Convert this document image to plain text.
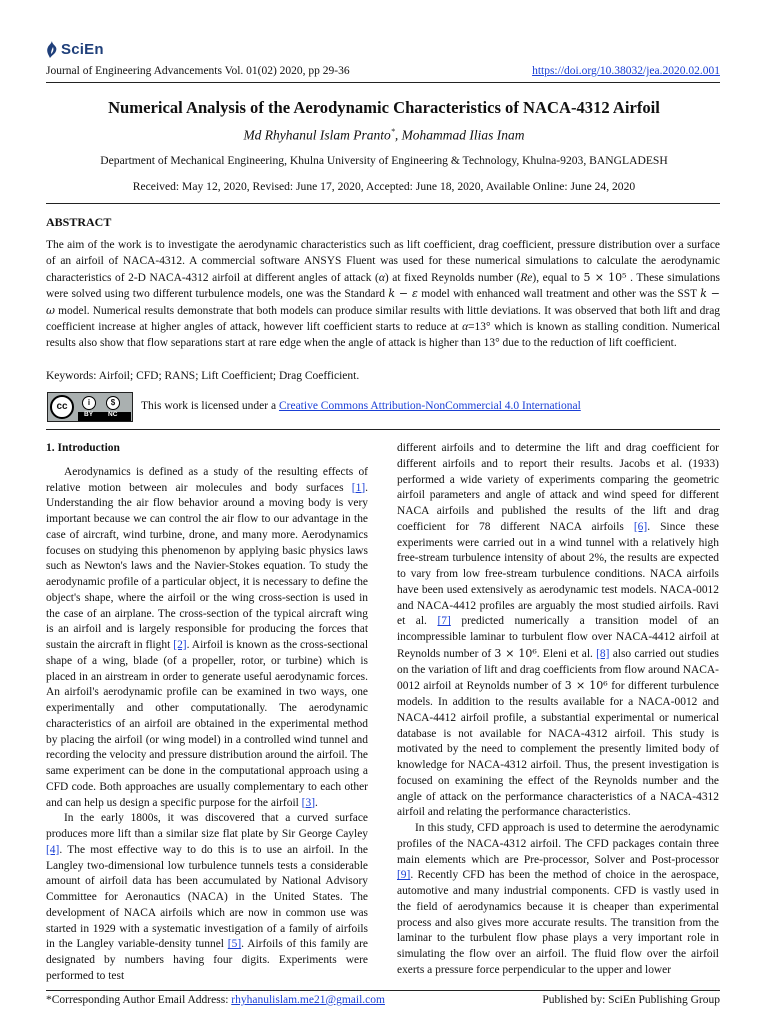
SciEn
Journal of Engineering Advancements Vol. 01(02) 2020, pp 29-36	https://doi.org/10.38032/jea.2020.02.001
Numerical Analysis of the Aerodynamic Characteristics of NACA-4312 Airfoil
Md Rhyhanul Islam Pranto*, Mohammad Ilias Inam
Department of Mechanical Engineering, Khulna University of Engineering & Technology, Khulna-9203, BANGLADESH
Received: May 12, 2020, Revised: June 17, 2020, Accepted: June 18, 2020, Available Online: June 24, 2020
ABSTRACT
The aim of the work is to investigate the aerodynamic characteristics such as lift coefficient, drag coefficient, pressure distribution over a surface of an airfoil of NACA-4312. A commercial software ANSYS Fluent was used for these numerical simulations to calculate the aerodynamic characteristics of 2-D NACA-4312 airfoil at different angles of attack (α) at fixed Reynolds number (Re), equal to 5 × 10⁵ . These simulations were solved using two different turbulence models, one was the Standard k − ε model with enhanced wall treatment and other was the SST k − ω model. Numerical results demonstrate that both models can produce similar results with little deviations. It was observed that both lift and drag coefficient increase at higher angles of attack, however lift coefficient starts to reduce at α=13° which is known as stalling condition. Numerical results also show that flow separations start at rare edge when the angle of attack is higher than 13° due to the reduction of lift coefficient.
Keywords: Airfoil; CFD; RANS; Lift Coefficient; Drag Coefficient.
cc	i	$
BY NC
This work is licensed under a Creative Commons Attribution-NonCommercial 4.0 International

1. Introduction

Aerodynamics is defined as a study of the resulting effects of relative motion between air molecules and body surfaces [1]. Understanding the air flow behavior around a moving body is very important because we can control the air flow to our advantage in the case of aircraft, wind turbine, drone, and many more. Aerodynamics focuses on studying this phenomenon by applying basic physics laws such as Newton's laws and the Navier-Stokes equation. To study the aerodynamic profile of a particular object, it is necessary to define the object's shape, where the airfoil or the wing cross-section is used in the case of an airplane. The cross-section of the typical aircraft wing is an airfoil and is largely responsible for producing the forces that sustain the aircraft in flight [2]. Airfoil is known as the cross-sectional shape of a wing, blade (of a propeller, rotor, or turbine) which is placed in an airstream in order to generate useful aerodynamic forces. An airfoil's aerodynamic profile can be examined in two ways, one experimentally and other computationally. The aerodynamic characteristics of an airfoil are obtained in the experimental method by placing the airfoil (or wing model) in a controlled wind tunnel and recording the velocity and pressure distribution around the airfoil. The same experiment can be done in the computational approach using a CFD code. Both approaches are usually complementary to each other and can help us design a specific purpose for the airfoil [3].

In the early 1800s, it was discovered that a curved surface produces more lift than a similar size flat plate by Sir George Cayley [4]. The most effective way to do this is to use an airfoil. In the Langley two-dimensional low turbulence tunnels tests a considerable amount of airfoil data has been accumulated by National Advisory Committee for Aeronautics (NACA) in the United States. The development of NACA airfoils which are now in common use was started in 1929 with a systematic investigation of a family of airfoils in the Langley variable-density tunnel [5]. Airfoils of this family are designated by numbers having four digits. Experiments were performed to test

different airfoils and to determine the lift and drag coefficient for different airfoils and to report their results. Jacobs et al. (1933) performed a wide variety of experiments comparing the geometric airfoil parameters and angle of attack and wind speed for different NACA airfoils and published the results of the lift and drag coefficient for 78 different NACA airfoils [6]. Since these experiments were carried out in a wind tunnel with a relatively high free-stream turbulence intensity of about 2%, the results are expected to vary from low free-stream turbulence conditions. NACA airfoils have been used extensively as aerodynamic test models. NACA-0012 and NACA-4412 profiles are arguably the most studied airfoils. Ravi et al. [7] predicted numerically a transition model of an incompressible laminar to turbulent flow over NACA-4412 airfoil at Reynolds number of 3 × 10⁶. Eleni et al. [8] also carried out studies on the variation of lift and drag coefficients from flow around NACA-0012 airfoil at Reynolds number of 3 × 10⁶ for different turbulence models. In addition to the results available for a NACA-0012 and NACA-4412 airfoil profile, a substantial experimental or numerical database is not available for NACA-4312 airfoil. This study is motivated by the need to complement the presently limited body of knowledge for NACA-4312 airfoil. Thus, the present investigation is focused on examining the effect of the Reynolds number and the angle of attack on the performance characteristics of a NACA-4312 airfoil and relating the performance characteristics.

In this study, CFD approach is used to determine the aerodynamic profiles of the NACA-4312 airfoil. The CFD packages contain three main elements which are Pre-processor, Solver and Post-processor [9]. Recently CFD has been the method of choice in the aerospace, automotive and many industrial components. CFD is vastly used in the field of aerodynamics because it is cheaper than experimental process and also gives more accurate results. The transition from the laminar to the turbulent flow phase plays a very important role in simulating the flow over an airfoil. The fluid flow over the airfoil exerts a pressure force perpendicular to the upper and lower

*Corresponding Author Email Address: rhyhanulislam.me21@gmail.com	Published by: SciEn Publishing Group
